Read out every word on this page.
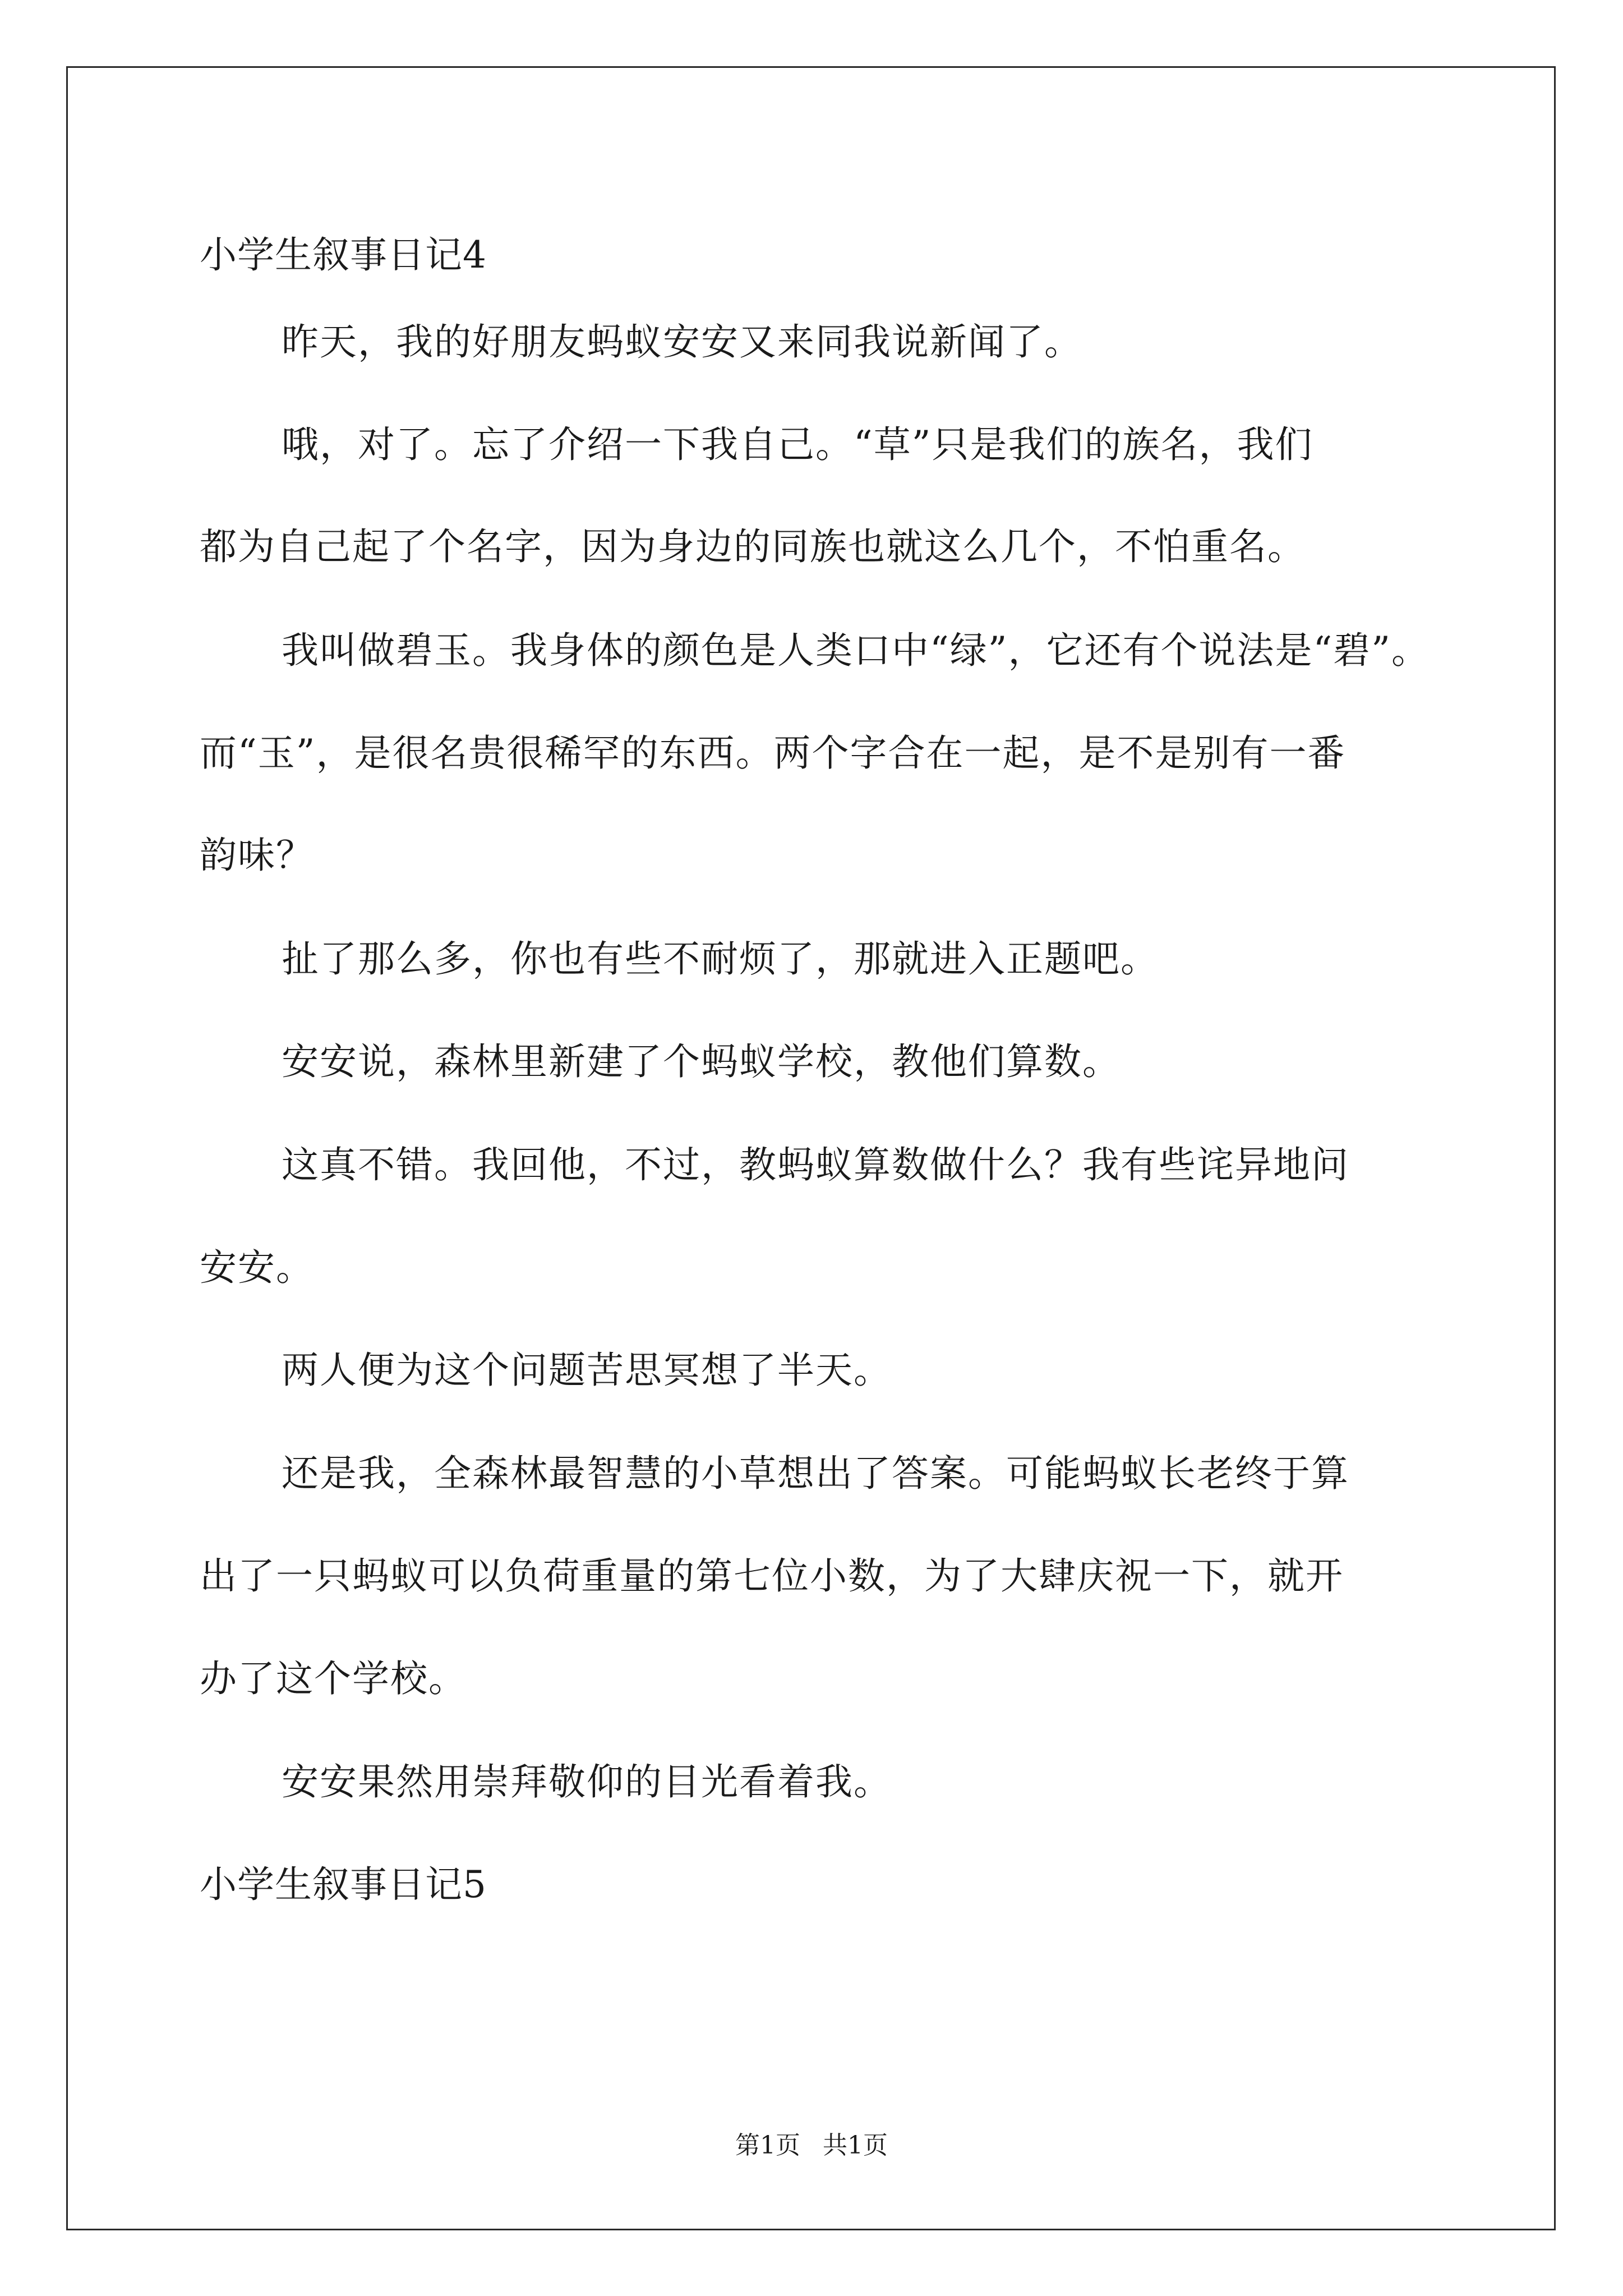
小学生叙事日记4
昨天，我的好朋友蚂蚁安安又来同我说新闻了。
哦，对了。忘了介绍一下我自己。“草”只是我们的族名，我们
都为自己起了个名字，因为身边的同族也就这么几个，不怕重名。
我叫做碧玉。我身体的颜色是人类口中“绿”，它还有个说法是“碧”。
而“玉”，是很名贵很稀罕的东西。两个字合在一起，是不是别有一番
韵味？
扯了那么多，你也有些不耐烦了，那就进入正题吧。
安安说，森林里新建了个蚂蚁学校，教他们算数。
这真不错。我回他，不过，教蚂蚁算数做什么？我有些诧异地问
安安。
两人便为这个问题苦思冥想了半天。
还是我，全森林最智慧的小草想出了答案。可能蚂蚁长老终于算
出了一只蚂蚁可以负荷重量的第七位小数，为了大肆庆祝一下，就开
办了这个学校。
安安果然用崇拜敬仰的目光看着我。
小学生叙事日记5
第1页 共1页
